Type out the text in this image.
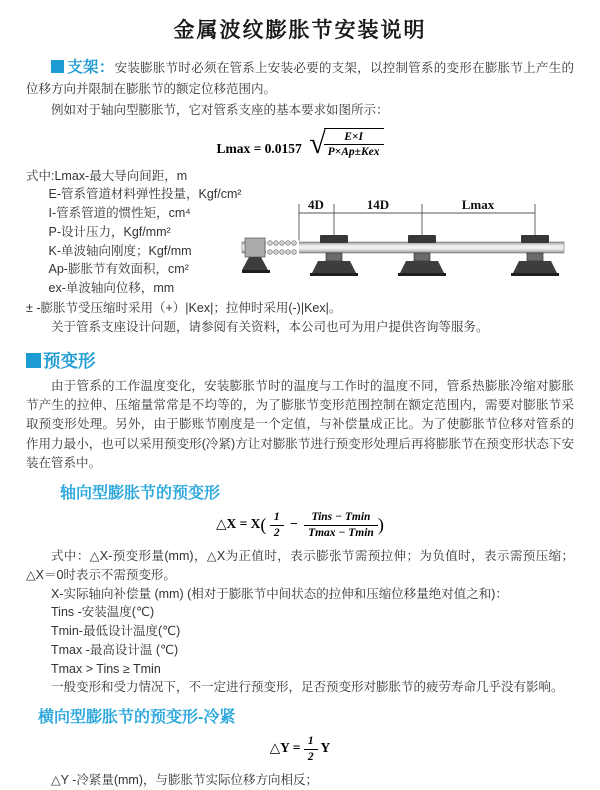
金属波纹膨胀节安装说明

支架：安装膨胀节时必须在管系上安装必要的支架，以控制管系的变形在膨胀节上产生的位移方向并限制在膨胀节的额定位移范围内。

例如对于轴向型膨胀节，它对管系支座的基本要求如图所示：

Lmax = 0.0157 √
$\frac{E\times I}{\text{P×Ap±Kex}}$

式中:Lmax-最大导向间距，m

E-管系管道材料弹性投量，Kgf/cm²

I-管系管道的惯性矩，cm⁴

P-设计压力，Kgf/mm²

K-单波轴向刚度；Kgf/mm

Ap-膨胀节有效面积，cm²

ex-单波轴向位移，mm

4D	14D	Lmax

± -膨胀节受压缩时采用（+）|Kex|；拉伸时采用(-)|Kex|。

关于管系支座设计问题，请参阅有关资料，本公司也可为用户提供咨询等服务。

预变形

由于管系的工作温度变化，安装膨胀节时的温度与工作时的温度不同，管系热膨胀冷缩对膨胀节产生的拉伸、压缩量常常是不均等的，为了膨胀节变形范围控制在额定范围内，需要对膨胀节采取预变形处理。另外，由于膨账节刚度是一个定值，与补偿量成正比。为了使膨胀节位移对管系的作用力最小，也可以采用预变形(冷紧)方让对膨胀节进行预变形处理后再将膨胀节在预变形状态下安装在管系中。

轴向型膨胀节的预变形
△X = $X( \frac{1}{2} - \frac{\text{Tins − Tmin}}{Tmax - Tmin}$ )

式中：△X-预变形量(mm)，△X为正值时，表示膨张节需预拉伸；为负值时，表示需预压缩；△X＝0时表示不需预变形。

X-实际轴向补偿量 (mm) (相对于膨胀节中间状态的拉伸和压缩位移量绝对值之和)：

Tins -安装温度(℃)

Tmin-最低设计温度(℃)

Tmax -最高设计温 (℃)

Tmax > Tins ≥ Tmin

一般变形和受力情况下，不一定进行预变形，足否预变形对膨胀节的疲劳寿命几乎没有影响。

横向型膨胀节的预变形-冷紧
△Y = $\frac{1}{2}$ Y

△Y -冷紧量(mm)，与膨胀节实际位移方向相反；
